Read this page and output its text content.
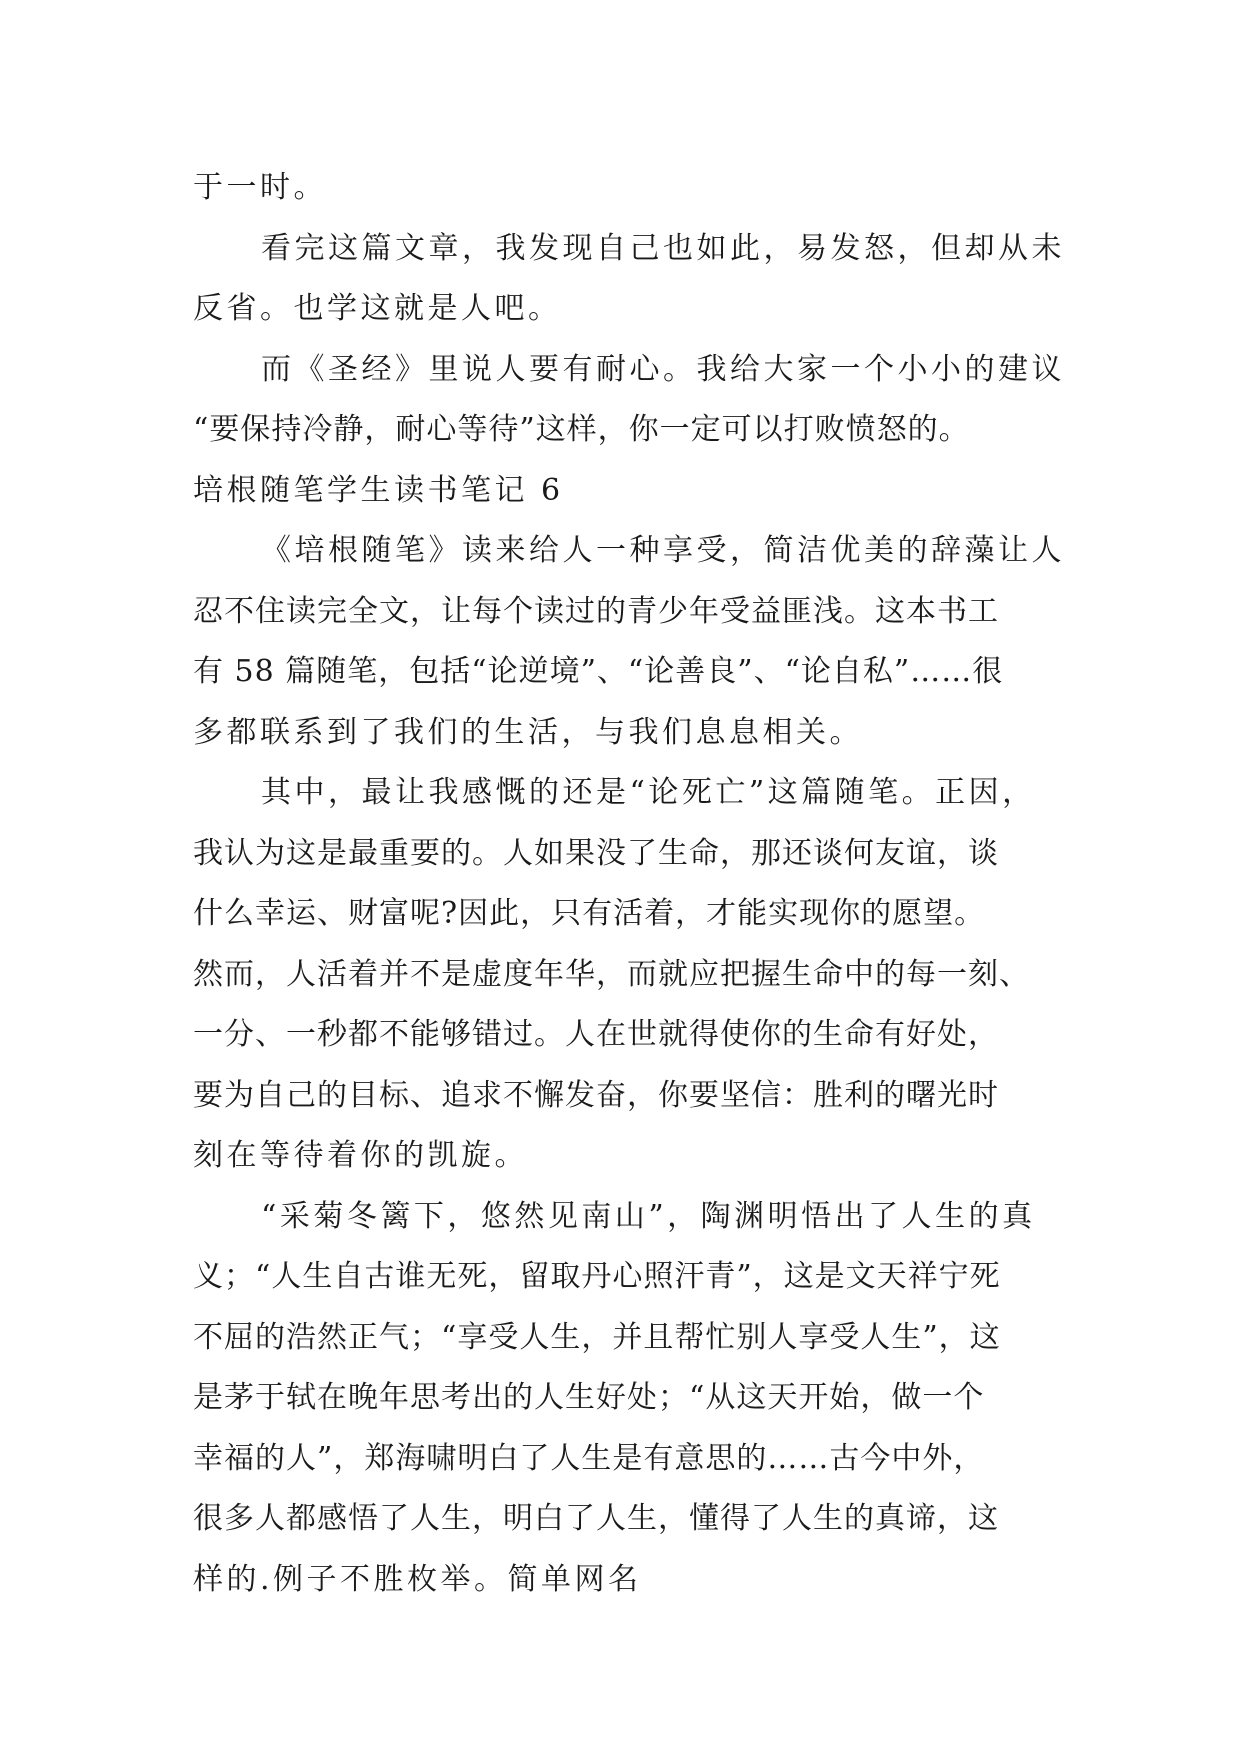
于一时。
看完这篇文章，我发现自己也如此，易发怒，但却从未
反省。也学这就是人吧。
而《圣经》里说人要有耐心。我给大家一个小小的建议
“要保持冷静，耐心等待”这样，你一定可以打败愤怒的。
培根随笔学生读书笔记 6
《培根随笔》读来给人一种享受，简洁优美的辞藻让人
忍不住读完全文，让每个读过的青少年受益匪浅。这本书工
有 58 篇随笔，包括“论逆境”、“论善良”、“论自私”……很
多都联系到了我们的生活，与我们息息相关。
其中，最让我感慨的还是“论死亡”这篇随笔。正因，
我认为这是最重要的。人如果没了生命，那还谈何友谊，谈
什么幸运、财富呢?因此，只有活着，才能实现你的愿望。
然而，人活着并不是虚度年华，而就应把握生命中的每一刻、
一分、一秒都不能够错过。人在世就得使你的生命有好处，
要为自己的目标、追求不懈发奋，你要坚信：胜利的曙光时
刻在等待着你的凯旋。
“采菊冬篱下，悠然见南山”，陶渊明悟出了人生的真
义；“人生自古谁无死，留取丹心照汗青”，这是文天祥宁死
不屈的浩然正气；“享受人生，并且帮忙别人享受人生”，这
是茅于轼在晚年思考出的人生好处；“从这天开始，做一个
幸福的人”，郑海啸明白了人生是有意思的……古今中外，
很多人都感悟了人生，明白了人生，懂得了人生的真谛，这
样的.例子不胜枚举。简单网名
